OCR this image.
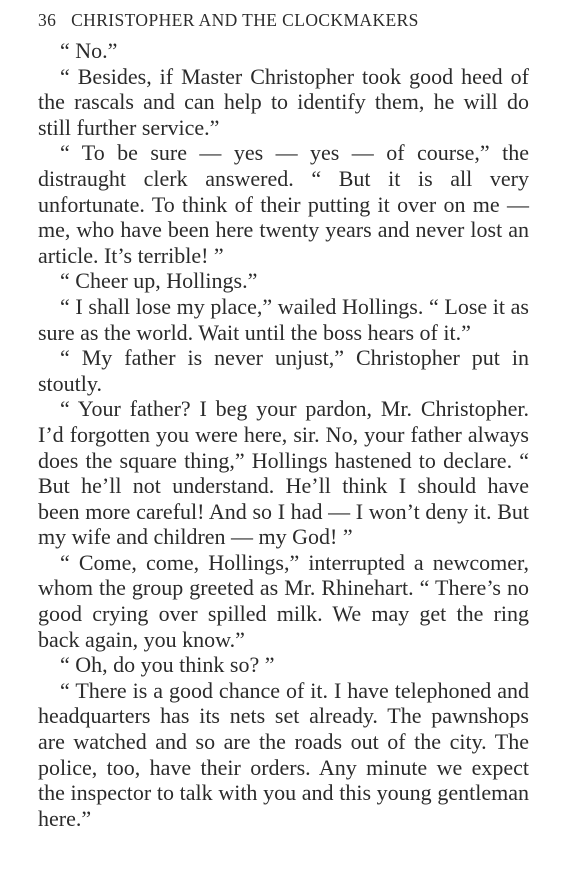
36 CHRISTOPHER AND THE CLOCKMAKERS

“ No.”

“ Besides, if Master Christopher took good heed of the rascals and can help to identify them, he will do still further service.”

“ To be sure — yes — yes — of course,” the distraught clerk answered. “ But it is all very unfortunate. To think of their putting it over on me — me, who have been here twenty years and never lost an article. It’s terrible! ”

“ Cheer up, Hollings.”

“ I shall lose my place,” wailed Hollings. “ Lose it as sure as the world. Wait until the boss hears of it.”

“ My father is never unjust,” Christopher put in stoutly.

“ Your father? I beg your pardon, Mr. Christopher. I’d forgotten you were here, sir. No, your father always does the square thing,” Hollings hastened to declare. “ But he’ll not understand. He’ll think I should have been more careful! And so I had — I won’t deny it. But my wife and children — my God! ”

“ Come, come, Hollings,” interrupted a newcomer, whom the group greeted as Mr. Rhinehart. “ There’s no good crying over spilled milk. We may get the ring back again, you know.”

“ Oh, do you think so? ”

“ There is a good chance of it. I have telephoned and headquarters has its nets set already. The pawnshops are watched and so are the roads out of the city. The police, too, have their orders. Any minute we expect the inspector to talk with you and this young gentleman here.”
